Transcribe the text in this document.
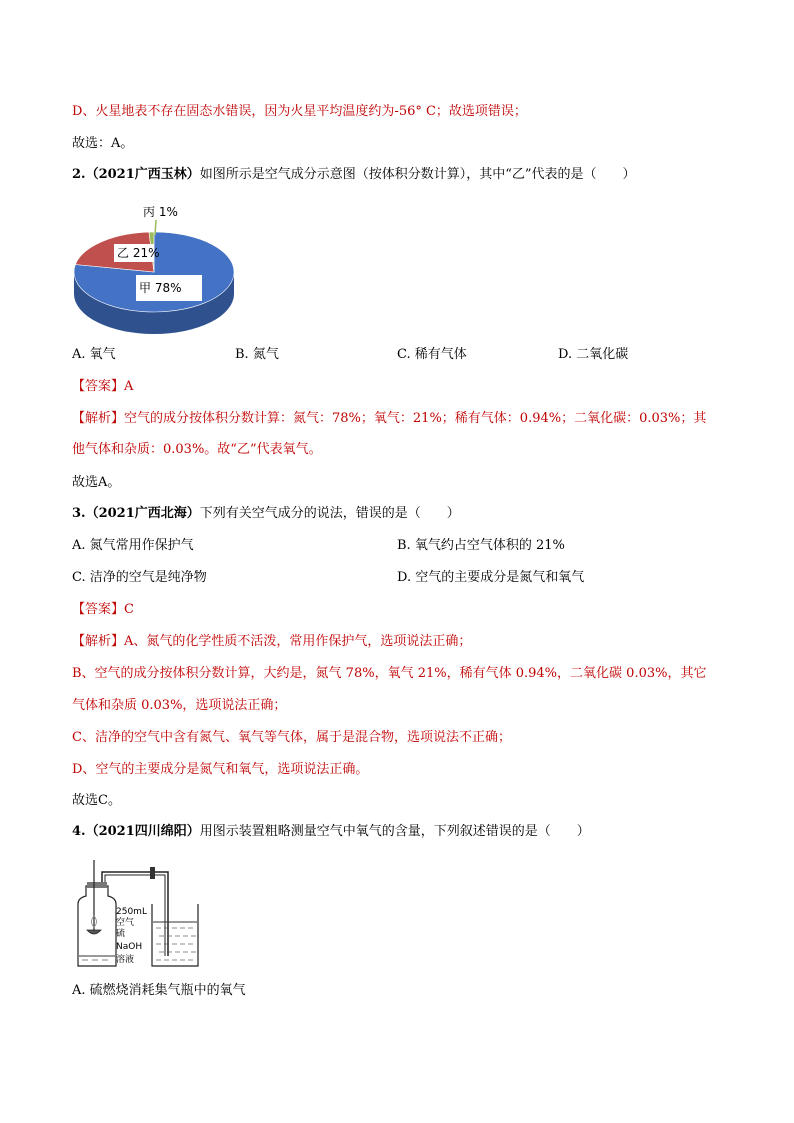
D、火星地表不存在固态水错误，因为火星平均温度约为-56° C；故选项错误；
故选：A。
2.（2021广西玉林）如图所示是空气成分示意图（按体积分数计算），其中“乙”代表的是（　　）
甲 78%
乙 21%
丙 1%
A. 氧气	B. 氮气	C. 稀有气体	D. 二氧化碳
【答案】A
【解析】空气的成分按体积分数计算：氮气：78%；氧气：21%；稀有气体：0.94%；二氧化碳：0.03%；其
他气体和杂质：0.03%。故“乙”代表氧气。
故选A。
3.（2021广西北海）下列有关空气成分的说法，错误的是（　　）
A. 氮气常用作保护气	B. 氧气约占空气体积的 21%
C. 洁净的空气是纯净物	D. 空气的主要成分是氮气和氧气
【答案】C
【解析】A、氮气的化学性质不活泼，常用作保护气，选项说法正确；
B、空气的成分按体积分数计算，大约是，氮气 78%，氧气 21%，稀有气体 0.94%，二氧化碳 0.03%，其它
气体和杂质 0.03%，选项说法正确；
C、洁净的空气中含有氮气、氧气等气体，属于是混合物，选项说法不正确；
D、空气的主要成分是氮气和氧气，选项说法正确。
故选C。
4.（2021四川绵阳）用图示装置粗略测量空气中氧气的含量，下列叙述错误的是（　　）
250mL
空气
硫
NaOH
溶液
A. 硫燃烧消耗集气瓶中的氧气
